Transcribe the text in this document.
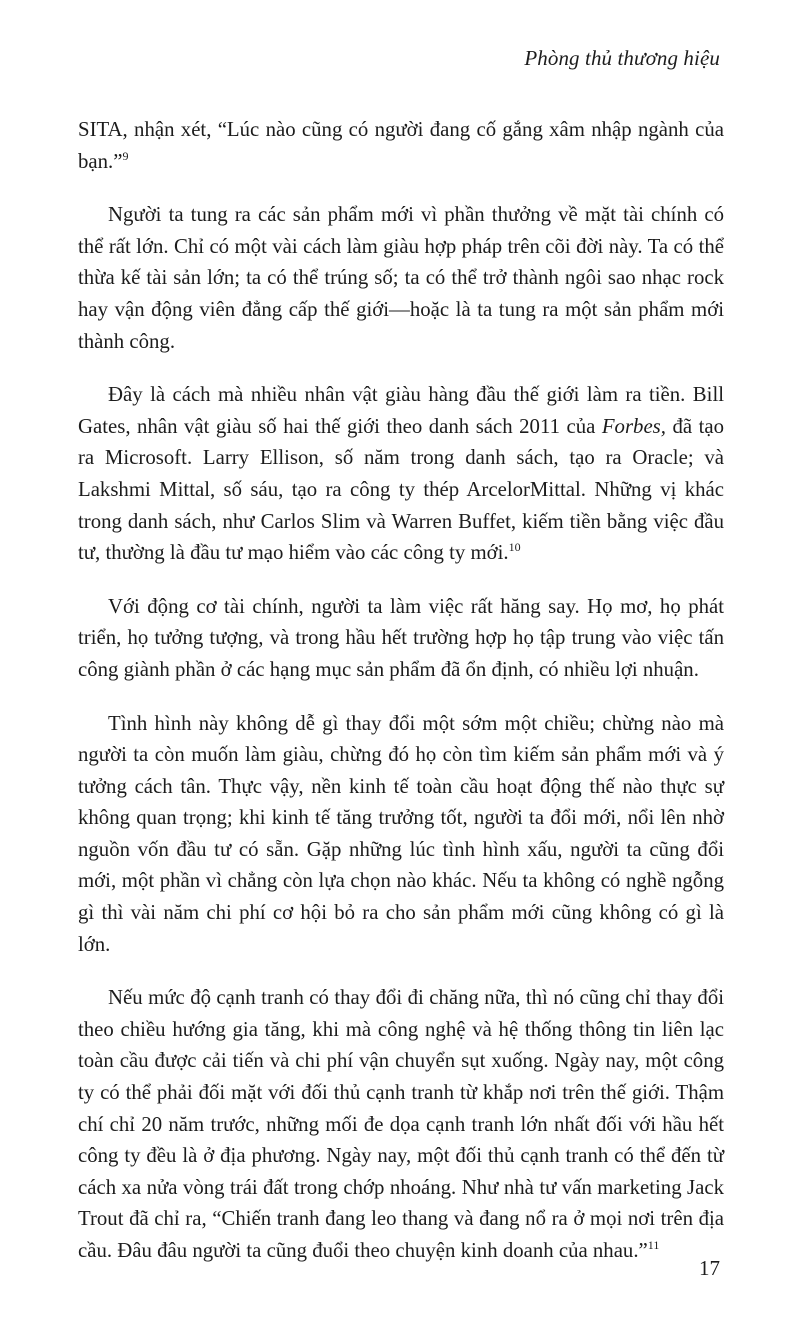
Phòng thủ thương hiệu

SITA, nhận xét, “Lúc nào cũng có người đang cố gắng xâm nhập ngành của bạn.”$^9$

Người ta tung ra các sản phẩm mới vì phần thưởng về mặt tài chính có thể rất lớn. Chỉ có một vài cách làm giàu hợp pháp trên cõi đời này. Ta có thể thừa kế tài sản lớn; ta có thể trúng số; ta có thể trở thành ngôi sao nhạc rock hay vận động viên đẳng cấp thế giới—hoặc là ta tung ra một sản phẩm mới thành công.

Đây là cách mà nhiều nhân vật giàu hàng đầu thế giới làm ra tiền. Bill Gates, nhân vật giàu số hai thế giới theo danh sách 2011 của Forbes, đã tạo ra Microsoft. Larry Ellison, số năm trong danh sách, tạo ra Oracle; và Lakshmi Mittal, số sáu, tạo ra công ty thép ArcelorMittal. Những vị khác trong danh sách, như Carlos Slim và Warren Buffet, kiếm tiền bằng việc đầu tư, thường là đầu tư mạo hiểm vào các công ty mới.$^{10}$

Với động cơ tài chính, người ta làm việc rất hăng say. Họ mơ, họ phát triển, họ tưởng tượng, và trong hầu hết trường hợp họ tập trung vào việc tấn công giành phần ở các hạng mục sản phẩm đã ổn định, có nhiều lợi nhuận.

Tình hình này không dễ gì thay đổi một sớm một chiều; chừng nào mà người ta còn muốn làm giàu, chừng đó họ còn tìm kiếm sản phẩm mới và ý tưởng cách tân. Thực vậy, nền kinh tế toàn cầu hoạt động thế nào thực sự không quan trọng; khi kinh tế tăng trưởng tốt, người ta đổi mới, nổi lên nhờ nguồn vốn đầu tư có sẵn. Gặp những lúc tình hình xấu, người ta cũng đổi mới, một phần vì chẳng còn lựa chọn nào khác. Nếu ta không có nghề ngỗng gì thì vài năm chi phí cơ hội bỏ ra cho sản phẩm mới cũng không có gì là lớn.

Nếu mức độ cạnh tranh có thay đổi đi chăng nữa, thì nó cũng chỉ thay đổi theo chiều hướng gia tăng, khi mà công nghệ và hệ thống thông tin liên lạc toàn cầu được cải tiến và chi phí vận chuyển sụt xuống. Ngày nay, một công ty có thể phải đối mặt với đối thủ cạnh tranh từ khắp nơi trên thế giới. Thậm chí chỉ 20 năm trước, những mối đe dọa cạnh tranh lớn nhất đối với hầu hết công ty đều là ở địa phương. Ngày nay, một đối thủ cạnh tranh có thể đến từ cách xa nửa vòng trái đất trong chớp nhoáng. Như nhà tư vấn marketing Jack Trout đã chỉ ra, “Chiến tranh đang leo thang và đang nổ ra ở mọi nơi trên địa cầu. Đâu đâu người ta cũng đuổi theo chuyện kinh doanh của nhau.”$^{11}$

17
